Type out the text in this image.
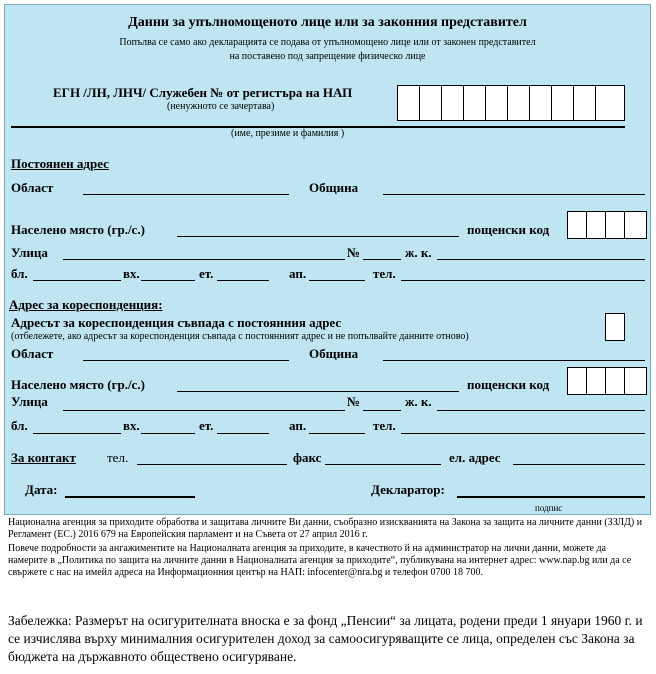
Данни за упълномощеното лице или за законния представител
Попълва се само ако декларацията се подава от упълномощено лице или от законен представител
на поставено под запрещение физическо лице
ЕГН /ЛН, ЛНЧ/ Служебен № от регистъра на НАП
(ненужното се зачертава)
(име, презиме и фамилия )
Постоянен адрес
Област	Община
Населено място (гр./с.)	пощенски код
Улица	№	ж. к.
бл.	вх.	ет.	ап.	тел.
Адрес за кореспонденция:
Адресът за кореспонденция съвпада с постоянния адрес
(отбележете, ако адресът за кореспонденция съвпада с постоянният адрес и не попълвайте данните отново)
Област	Община
Населено място (гр./с.)	пощенски код
Улица	№	ж. к.
бл.	вх.	ет.	ап.	тел.
За контакт тел.	факс	ел. адрес
Дата:	Декларатор:
подпис
Национална агенция за приходите обработва и защитава личните Ви данни, съобразно изискванията на Закона за защита на личните данни (ЗЗЛД) и Регламент (ЕС.) 2016 679 на Европейския парламент и на Съвета от 27 април 2016 г.
Повече подробности за ангажиментите на Националната агенция за приходите, в качеството й на администратор на лични данни, можете да намерите в „Политика по защита на личните данни в Националната агенция за приходите“, публикувана на интернет адрес: www.nap.bg или да се свържете с нас на имейл адреса на Информационния център на НАП: infocenter@nra.bg и телефон 0700 18 700.
Забележка: Размерът на осигурителната вноска е за фонд „Пенсии“ за лицата, родени преди 1 януари 1960 г. и се изчислява върху минималния осигурителен доход за самоосигуряващите се лица, определен със Закона за бюджета на държавното обществено осигуряване.
